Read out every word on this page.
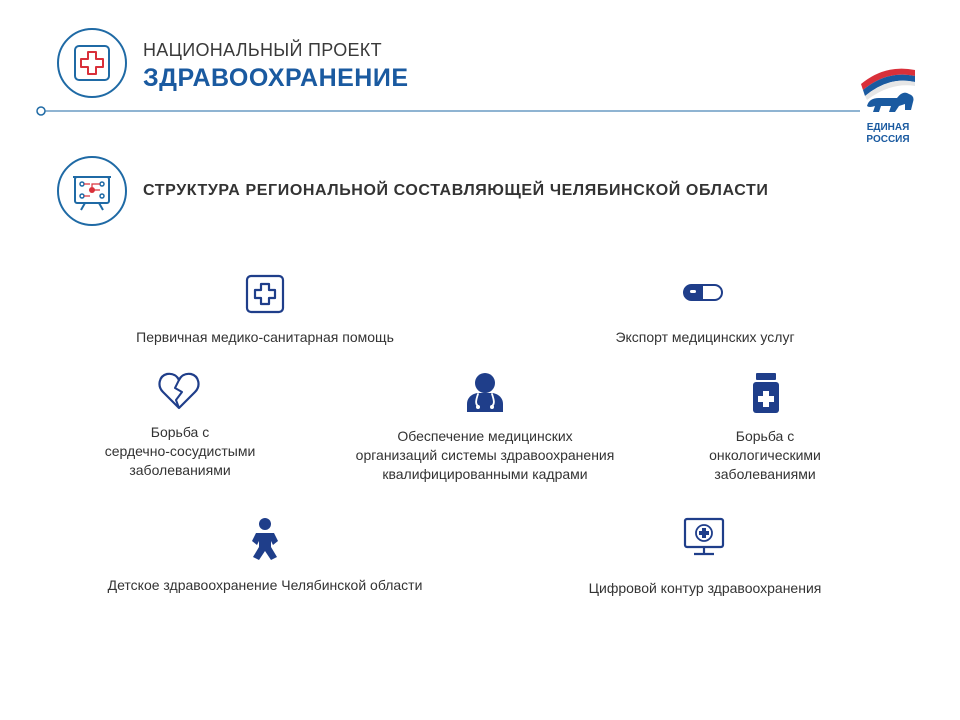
НАЦИОНАЛЬНЫЙ ПРОЕКТ
ЗДРАВООХРАНЕНИЕ
ЕДИНАЯ
РОССИЯ
СТРУКТУРА РЕГИОНАЛЬНОЙ СОСТАВЛЯЮЩЕЙ ЧЕЛЯБИНСКОЙ ОБЛАСТИ
Первичная медико-санитарная помощь	Экспорт медицинских услуг
Борьба с
сердечно-сосудистыми
заболеваниями
Обеспечение медицинских
организаций системы здравоохранения
квалифицированными кадрами
Борьба с
онкологическими
заболеваниями
Детское здравоохранение Челябинской области	Цифровой контур здравоохранения
